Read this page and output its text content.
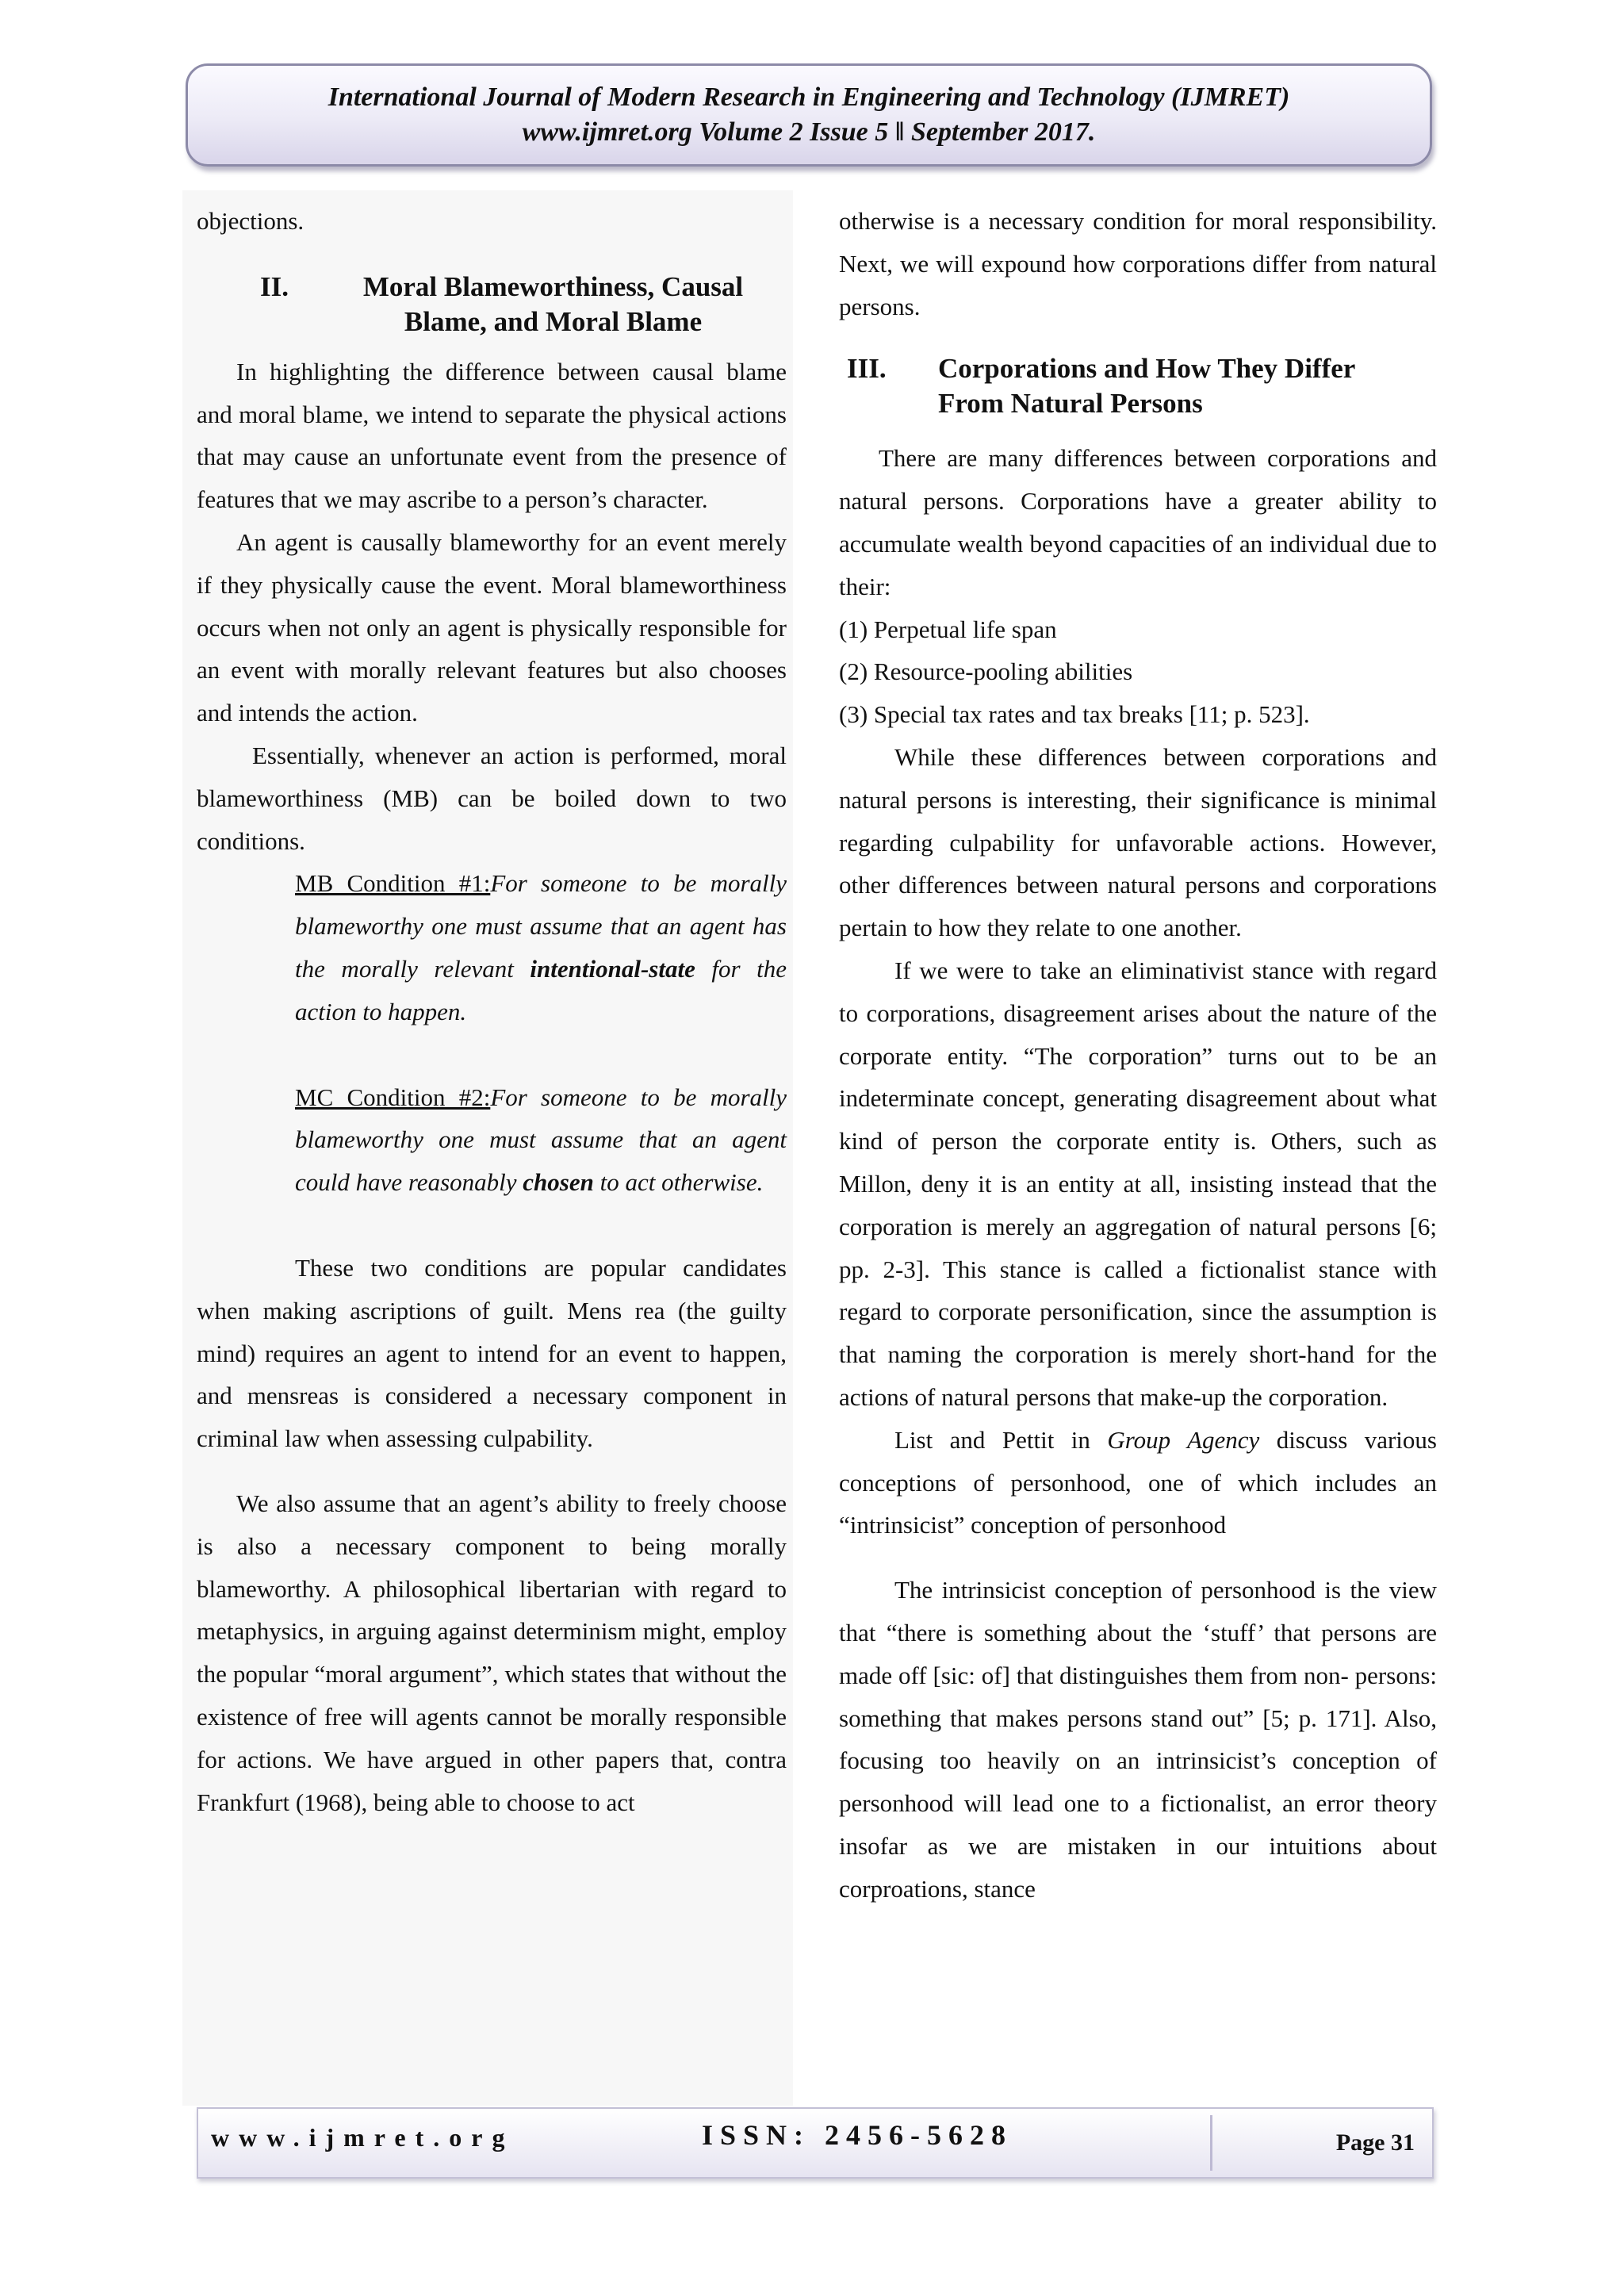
International Journal of Modern Research in Engineering and Technology (IJMRET)
www.ijmret.org Volume 2 Issue 5 ǁ September 2017.

objections.

II.	Moral Blameworthiness, Causal
Blame, and Moral Blame

In highlighting the difference between causal blame and moral blame, we intend to separate the physical actions that may cause an unfortunate event from the presence of features that we may ascribe to a person’s character.

An agent is causally blameworthy for an event merely if they physically cause the event. Moral blameworthiness occurs when not only an agent is physically responsible for an event with morally relevant features but also chooses and intends the action.

Essentially, whenever an action is performed, moral blameworthiness (MB) can be boiled down to two conditions.

MB Condition #1:For someone to be morally blameworthy one must assume that an agent has the morally relevant intentional-state for the action to happen.

MC Condition #2:For someone to be morally blameworthy one must assume that an agent could have reasonably chosen to act otherwise.

These two conditions are popular candidates when making ascriptions of guilt. Mens rea (the guilty mind) requires an agent to intend for an event to happen, and mensreas is considered a necessary component in criminal law when assessing culpability.

We also assume that an agent’s ability to freely choose is also a necessary component to being morally blameworthy. A philosophical libertarian with regard to metaphysics, in arguing against determinism might, employ the popular “moral argument”, which states that without the existence of free will agents cannot be morally responsible for actions. We have argued in other papers that, contra Frankfurt (1968), being able to choose to act

otherwise is a necessary condition for moral responsibility. Next, we will expound how corporations differ from natural persons.

III.	Corporations and How They Differ
From Natural Persons

There are many differences between corporations and natural persons. Corporations have a greater ability to accumulate wealth beyond capacities of an individual due to their:

(1) Perpetual life span

(2) Resource-pooling abilities

(3) Special tax rates and tax breaks [11; p. 523].

While these differences between corporations and natural persons is interesting, their significance is minimal regarding culpability for unfavorable actions. However, other differences between natural persons and corporations pertain to how they relate to one another.

If we were to take an eliminativist stance with regard to corporations, disagreement arises about the nature of the corporate entity. “The corporation” turns out to be an indeterminate concept, generating disagreement about what kind of person the corporate entity is. Others, such as Millon, deny it is an entity at all, insisting instead that the corporation is merely an aggregation of natural persons [6; pp. 2-3]. This stance is called a fictionalist stance with regard to corporate personification, since the assumption is that naming the corporation is merely short-hand for the actions of natural persons that make-up the corporation.

List and Pettit in Group Agency discuss various conceptions of personhood, one of which includes an “intrinsicist” conception of personhood

The intrinsicist conception of personhood is the view that “there is something about the ‘stuff’ that persons are made off [sic: of] that distinguishes them from non- persons: something that makes persons stand out” [5; p. 171]. Also, focusing too heavily on an intrinsicist’s conception of personhood will lead one to a fictionalist, an error theory insofar as we are mistaken in our intuitions about corproations, stance

www.ijmret.org	ISSN: 2456-5628	Page 31
